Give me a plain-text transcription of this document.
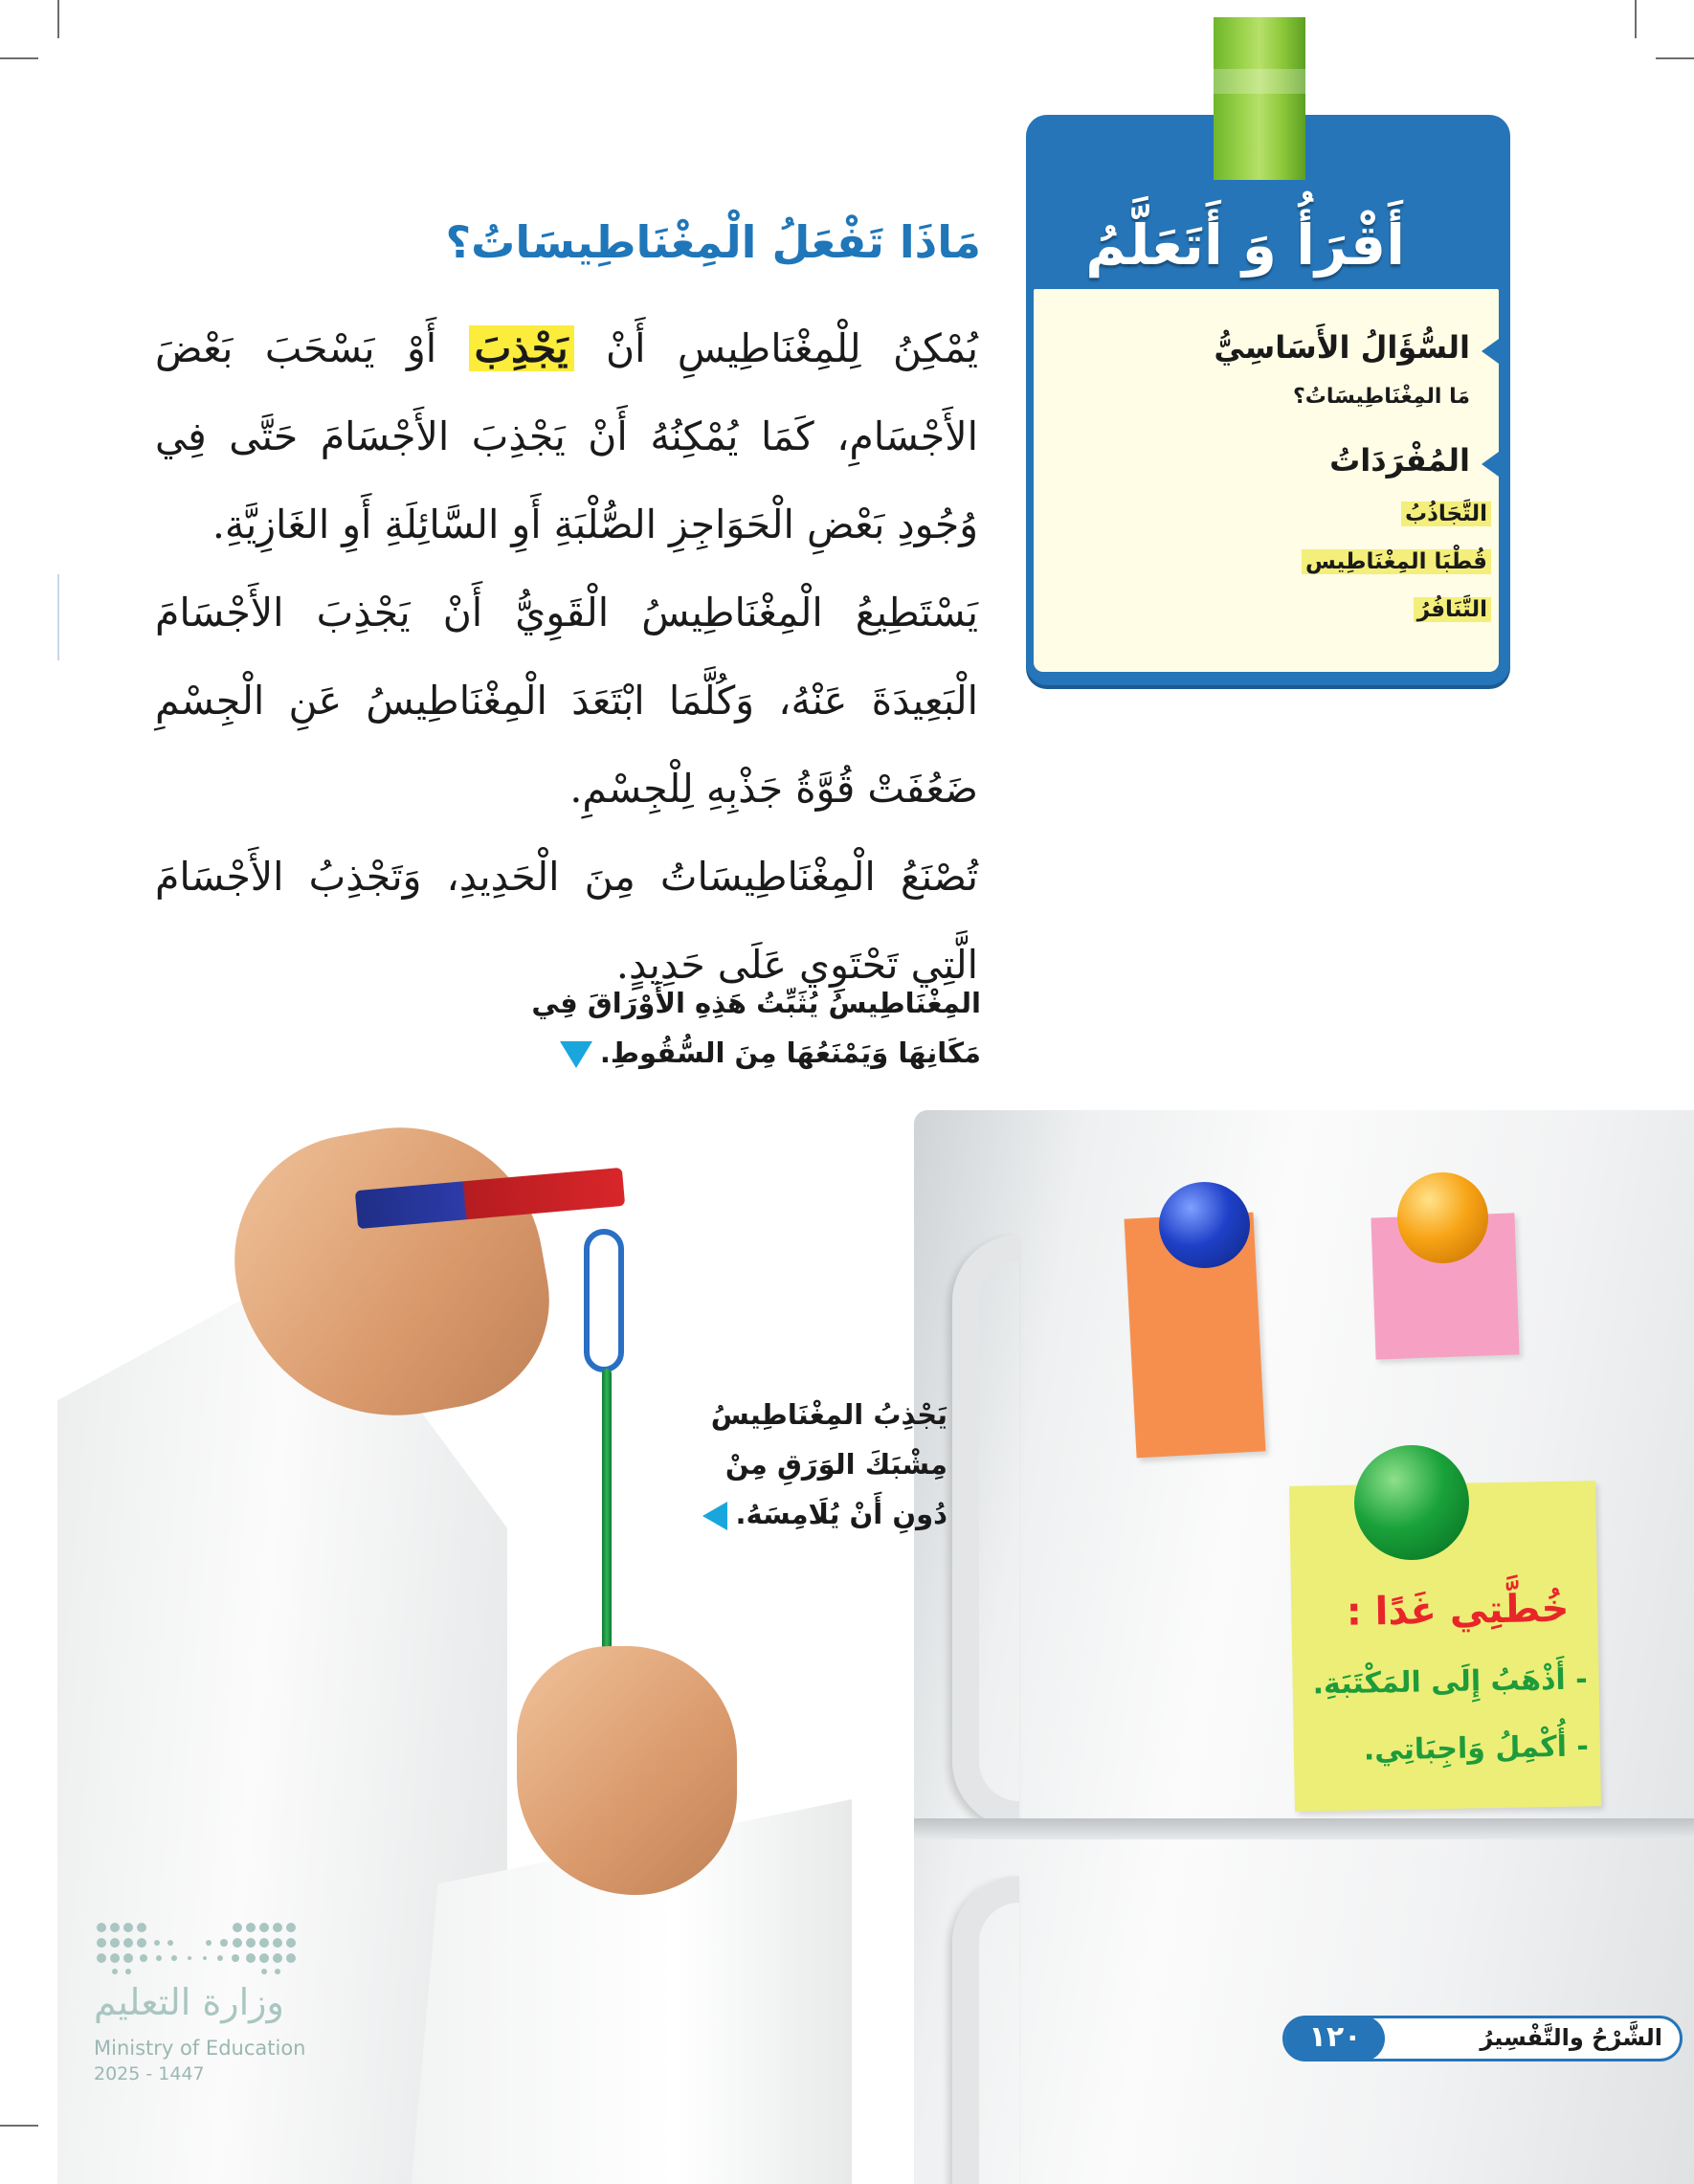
أَقْرَأُ وَ أَتَعَلَّمُ
السُّؤَالُ الأَسَاسِيُّ
مَا المِغْنَاطِيسَاتُ؟
المُفْرَدَاتُ
التَّجَاذُبُ
قُطْبَا المِغْنَاطِيس
التَّنَافُرُ
مَاذَا تَفْعَلُ الْمِغْنَاطِيسَاتُ؟

يُمْكِنُ لِلْمِغْنَاطِيسِ أَنْ يَجْذِبَ أَوْ يَسْحَبَ بَعْضَ الأَجْسَامِ، كَمَا يُمْكِنُهُ أَنْ يَجْذِبَ الأَجْسَامَ حَتَّى فِي وُجُودِ بَعْضِ الْحَوَاجِزِ الصُّلْبَةِ أَوِ السَّائِلَةِ أَوِ الغَازِيَّةِ.

يَسْتَطِيعُ الْمِغْنَاطِيسُ الْقَوِيُّ أَنْ يَجْذِبَ الأَجْسَامَ الْبَعِيدَةَ عَنْهُ، وَكُلَّمَا ابْتَعَدَ الْمِغْنَاطِيسُ عَنِ الْجِسْمِ ضَعُفَتْ قُوَّةُ جَذْبِهِ لِلْجِسْمِ.

تُصْنَعُ الْمِغْنَاطِيسَاتُ مِنَ الْحَدِيدِ، وَتَجْذِبُ الأَجْسَامَ الَّتِي تَحْتَوِي عَلَى حَدِيدٍ.

المِغْنَاطِيسُ يُثَبِّتُ هَذِهِ الأَوْرَاقَ فِي
مَكَانِهَا وَيَمْنَعُهَا مِنَ السُّقُوطِ.
خُطَّتِي غَدًا :
- أَذْهَبُ إِلَى المَكْتَبَةِ.
- أُكْمِلُ وَاجِبَاتِي.
يَجْذِبُ المِغْنَاطِيسُ
مِشْبَكَ الوَرَقِ مِنْ
دُونِ أَنْ يُلَامِسَهُ.
وزارة التعليم
Ministry of Education
2025 - 1447
الشَّرْحُ والتَّفْسِيرُ
١٢٠
